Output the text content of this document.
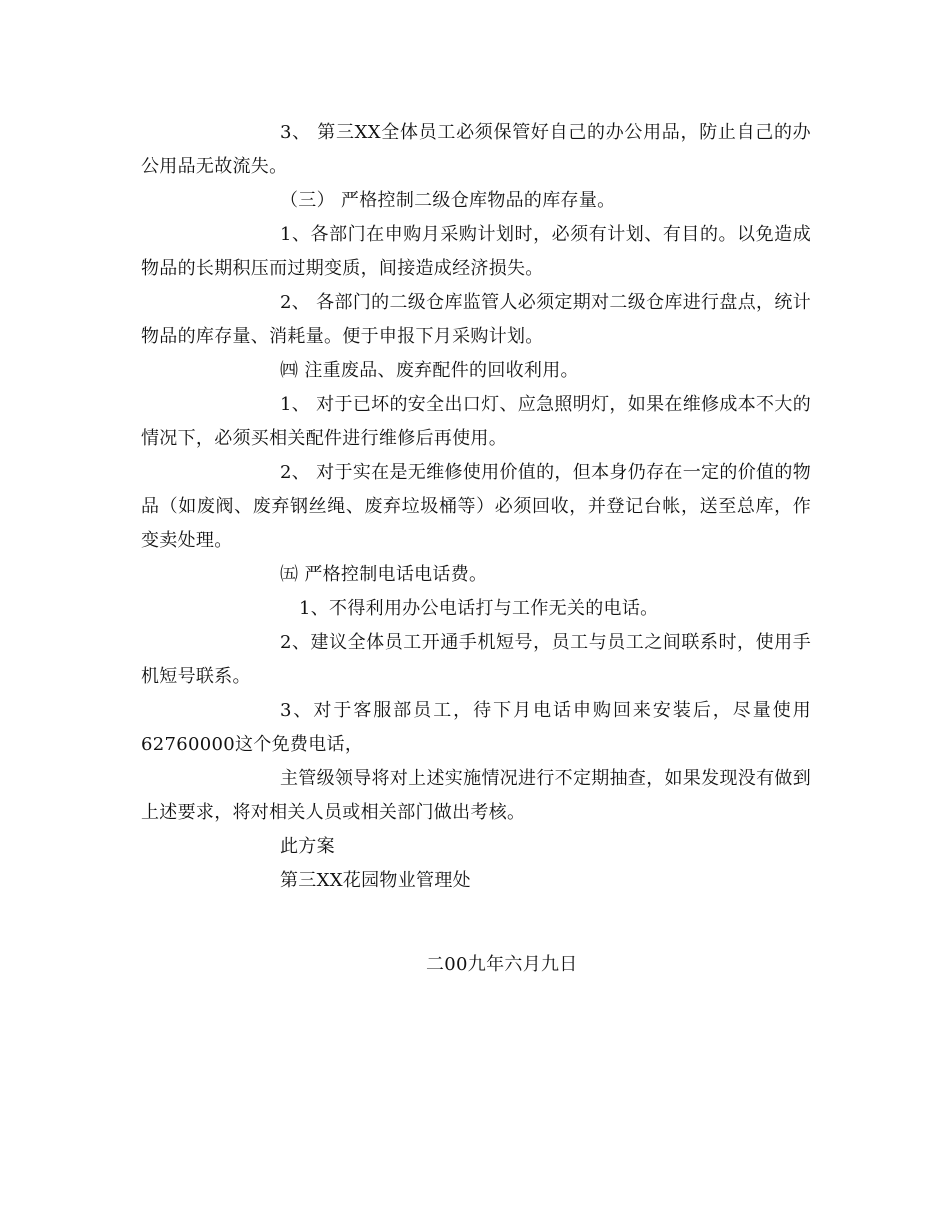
3、 第三XX全体员工必须保管好自己的办公用品，防止自己的办公用品无故流失。

（三） 严格控制二级仓库物品的库存量。

1、各部门在申购月采购计划时，必须有计划、有目的。以免造成物品的长期积压而过期变质，间接造成经济损失。

2、 各部门的二级仓库监管人必须定期对二级仓库进行盘点，统计物品的库存量、消耗量。便于申报下月采购计划。

㈣ 注重废品、废弃配件的回收利用。

1、 对于已坏的安全出口灯、应急照明灯，如果在维修成本不大的情况下，必须买相关配件进行维修后再使用。

2、 对于实在是无维修使用价值的，但本身仍存在一定的价值的物品（如废阀、废弃钢丝绳、废弃垃圾桶等）必须回收，并登记台帐，送至总库，作变卖处理。

㈤ 严格控制电话电话费。

1、不得利用办公电话打与工作无关的电话。

2、建议全体员工开通手机短号，员工与员工之间联系时，使用手机短号联系。

3、对于客服部员工，待下月电话申购回来安装后，尽量使用62760000这个免费电话，

主管级领导将对上述实施情况进行不定期抽查，如果发现没有做到上述要求，将对相关人员或相关部门做出考核。

此方案

第三XX花园物业管理处

二00九年六月九日
